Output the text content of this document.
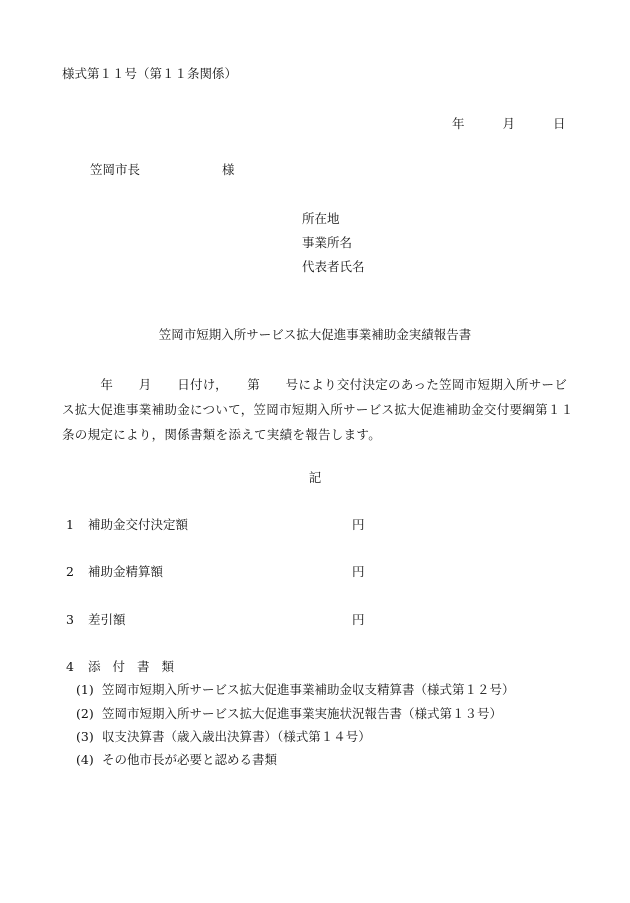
様式第１１号（第１１条関係）
年	月	日
笠岡市長	様
所在地
事業所名
代表者氏名
笠岡市短期入所サービス拡大促進事業補助金実績報告書
　　　年　　月　　日付け，　　第　　号により交付決定のあった笠岡市短期入所サービス拡大促進事業補助金について，笠岡市短期入所サービス拡大促進補助金交付要綱第１１条の規定により，関係書類を添えて実績を報告します。
記
1 補助金交付決定額	円
2 補助金精算額	円
3 差引額	円
4 添付書類
(1) 笠岡市短期入所サービス拡大促進事業補助金収支精算書（様式第１２号）
(2) 笠岡市短期入所サービス拡大促進事業実施状況報告書（様式第１３号）
(3) 収支決算書（歳入歳出決算書）（様式第１４号）
(4) その他市長が必要と認める書類
